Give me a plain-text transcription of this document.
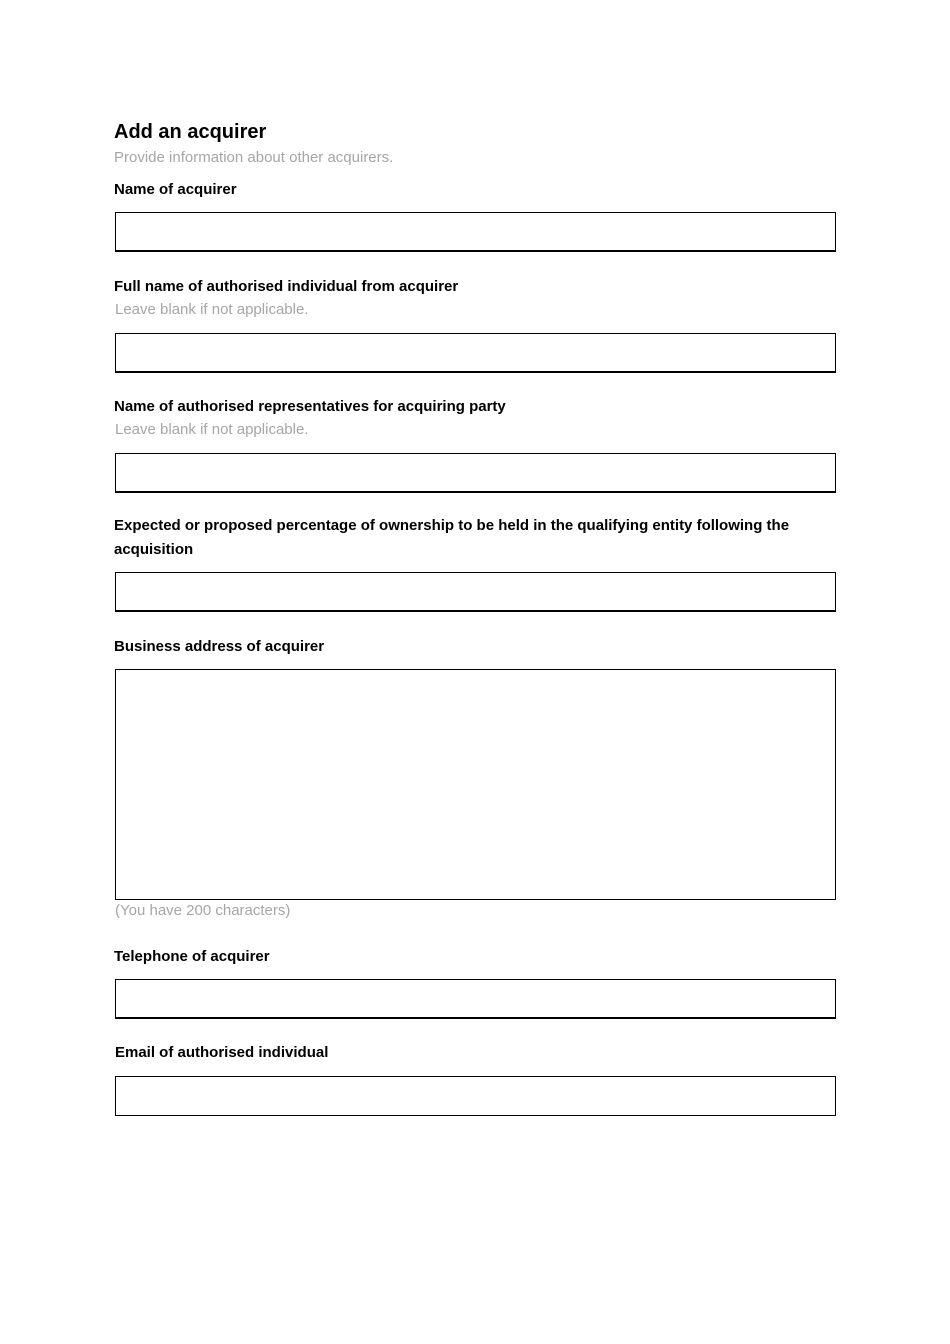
Add an acquirer

Provide information about other acquirers.

Name of acquirer

Full name of authorised individual from acquirer

Leave blank if not applicable.

Name of authorised representatives for acquiring party

Leave blank if not applicable.

Expected or proposed percentage of ownership to be held in the qualifying entity following the acquisition

Business address of acquirer

(You have 200 characters)

Telephone of acquirer

Email of authorised individual
